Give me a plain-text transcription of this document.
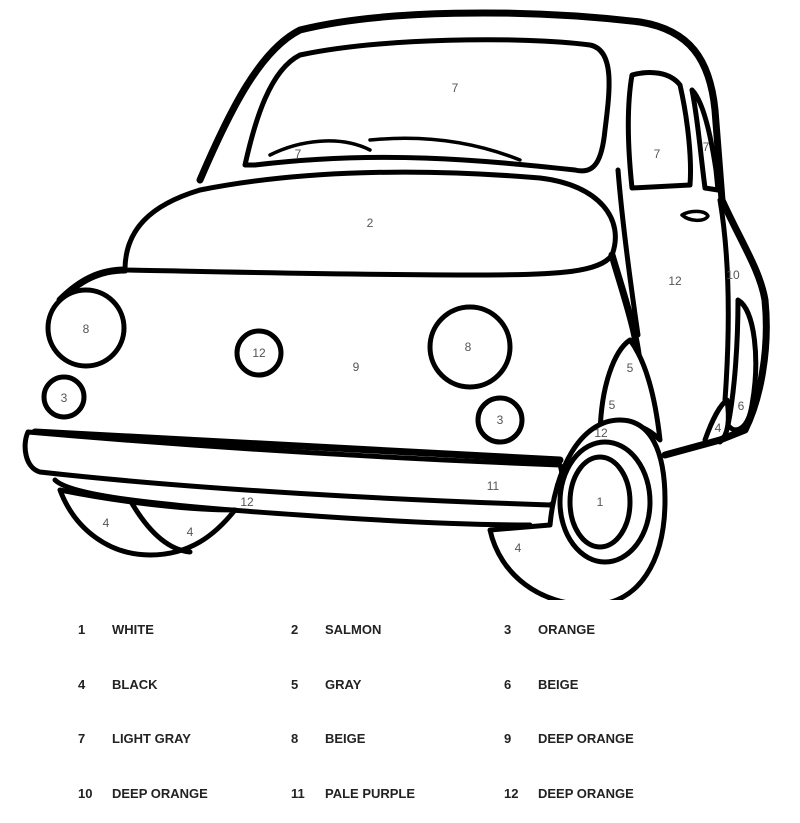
7
7	7	7
2
12	10
8
12
9
8
3
3
5
5	6
12	4
11
1
12
4
4
4
1 WHITE	2 SALMON	3 ORANGE
4 BLACK	5 GRAY	6 BEIGE
7 LIGHT GRAY	8 BEIGE	9 DEEP ORANGE
10 DEEP ORANGE	11 PALE PURPLE	12 DEEP ORANGE
